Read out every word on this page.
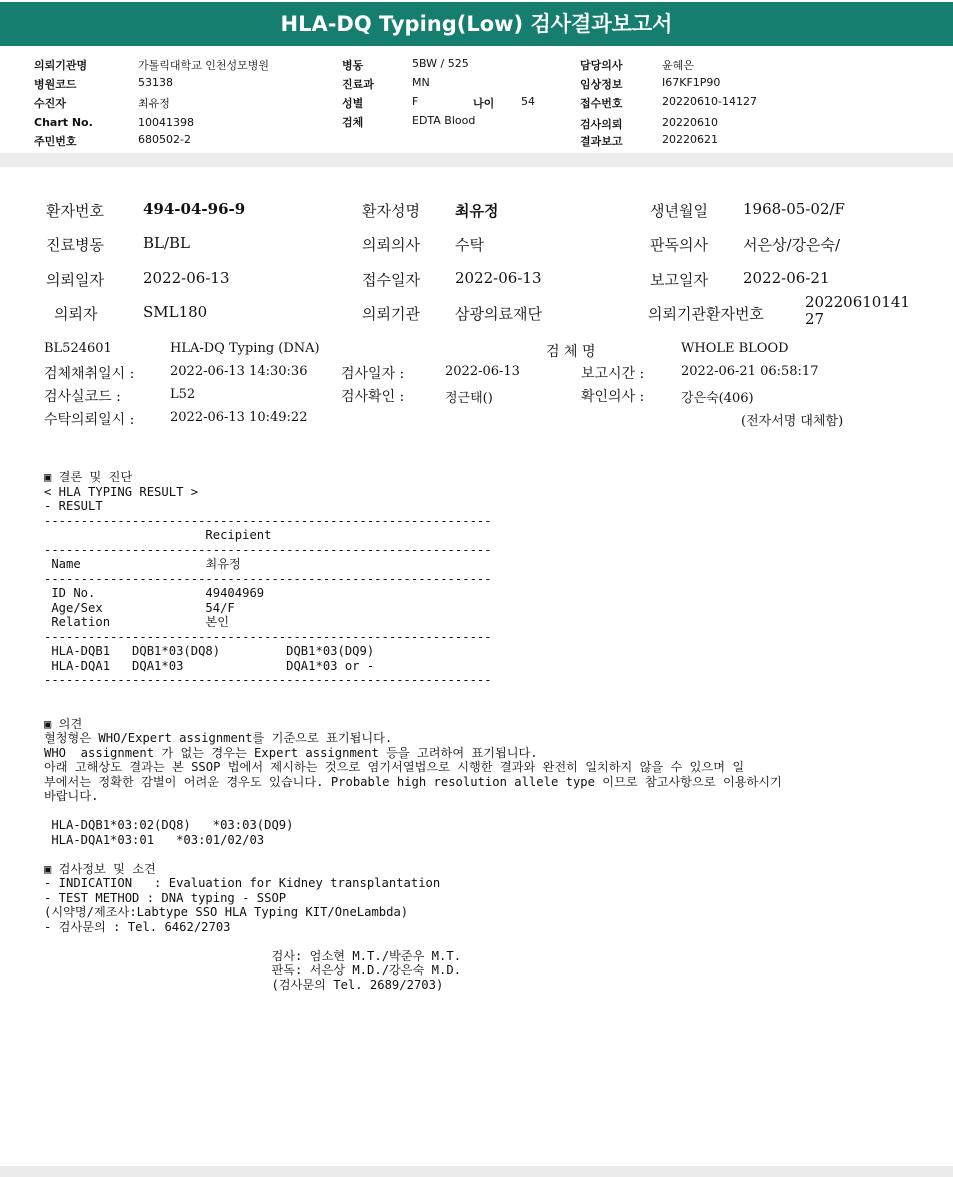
HLA-DQ Typing(Low) 검사결과보고서
의뢰기관명	가톨릭대학교 인천성모병원
병원코드	53138
수진자	최유정
Chart No.	10041398
주민번호	680502-2
병동	5BW / 525
진료과	MN
성별	F	나이 54
검체	EDTA Blood
담당의사	윤혜은
임상정보	I67KF1P90
접수번호	20220610-14127
검사의뢰	20220610
결과보고	20220621
환자번호	494-04-96-9	환자성명 최유정	생년월일 1968-05-02/F
진료병동	BL/BL	의뢰의사 수탁	판독의사 서은상/강은숙/
의뢰일자	2022-06-13	접수일자 2022-06-13	보고일자 2022-06-21
의뢰자	SML180	의뢰기관 삼광의료재단	의뢰기관환자번호
2022061014127
BL524601	HLA-DQ Typing (DNA)	검 체 명	WHOLE BLOOD
검체채취일시 :	2022-06-13 14:30:36 검사일자 :	2022-06-13	보고시간 :	2022-06-21 06:58:17
검사실코드 :	L52	검사확인 :	정근태()	확인의사 :	강은숙(406)
수탁의뢰일시 :	2022-06-13 10:49:22	(전자서명 대체함)
▣ 결론 및 진단
< HLA TYPING RESULT >
- RESULT
-------------------------------------------------------------
Recipient
-------------------------------------------------------------
Name                 최유정
-------------------------------------------------------------
ID No.               49404969
Age/Sex              54/F
Relation             본인
-------------------------------------------------------------
HLA-DQB1   DQB1*03(DQ8)         DQB1*03(DQ9)
HLA-DQA1   DQA1*03              DQA1*03 or -
-------------------------------------------------------------

▣ 의견
혈청형은 WHO/Expert assignment를 기준으로 표기됩니다.
WHO  assignment 가 없는 경우는 Expert assignment 등을 고려하여 표기됩니다.
아래 고해상도 결과는 본 SSOP 법에서 제시하는 것으로 염기서열법으로 시행한 결과와 완전히 일치하지 않을 수 있으며 일
부에서는 정확한 감별이 어려운 경우도 있습니다. Probable high resolution allele type 이므로 참고사항으로 이용하시기
바랍니다.

HLA-DQB1*03:02(DQ8)   *03:03(DQ9)
HLA-DQA1*03:01   *03:01/02/03

▣ 검사정보 및 소견
- INDICATION   : Evaluation for Kidney transplantation
- TEST METHOD : DNA typing - SSOP
(시약명/제조사:Labtype SSO HLA Typing KIT/OneLambda)
- 검사문의 : Tel. 6462/2703

검사: 엄소현 M.T./박준우 M.T.
판독: 서은상 M.D./강은숙 M.D.
(검사문의 Tel. 2689/2703)
